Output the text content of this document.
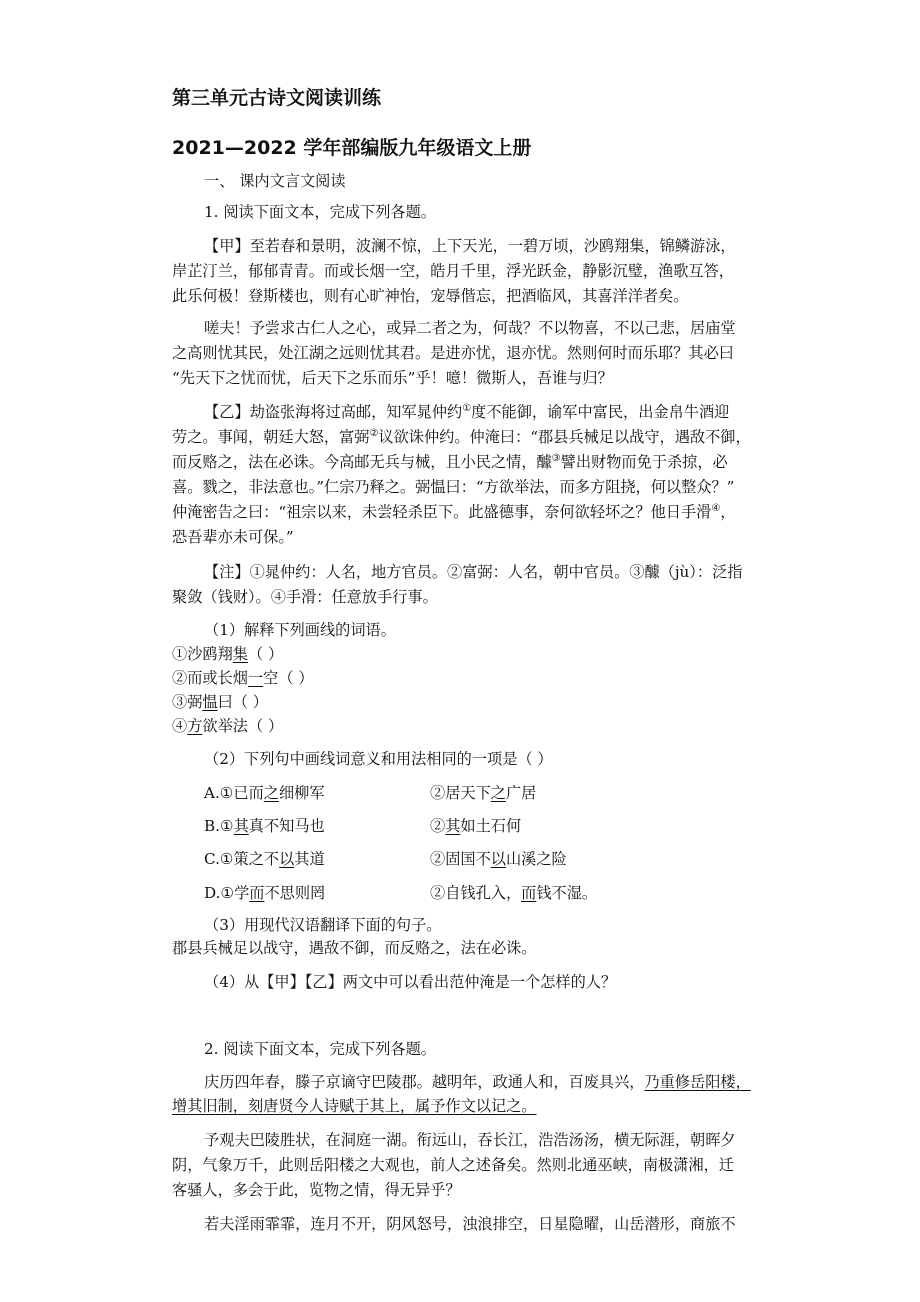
第三单元古诗文阅读训练
2021—2022 学年部编版九年级语文上册
一、 课内文言文阅读
1. 阅读下面文本，完成下列各题。
【甲】至若春和景明，波澜不惊，上下天光，一碧万顷，沙鸥翔集，锦鳞游泳，
岸芷汀兰，郁郁青青。而或长烟一空，皓月千里，浮光跃金，静影沉璧，渔歌互答，
此乐何极！登斯楼也，则有心旷神怡，宠辱偕忘，把酒临风，其喜洋洋者矣。
嗟夫！予尝求古仁人之心，或异二者之为，何哉？不以物喜，不以己悲，居庙堂
之高则忧其民，处江湖之远则忧其君。是进亦忧，退亦忧。然则何时而乐耶？其必曰
“先天下之忧而忧，后天下之乐而乐”乎！噫！微斯人，吾谁与归？
【乙】劫盗张海将过高邮，知军晁仲约①度不能御，谕军中富民，出金帛牛酒迎
劳之。事闻，朝廷大怒，富弼②议欲诛仲约。仲淹曰：“郡县兵械足以战守，遇敌不御，
而反赂之，法在必诛。今高邮无兵与械，且小民之情，醵③譬出财物而免于杀掠，必
喜。戮之，非法意也。”仁宗乃释之。弼愠曰：“方欲举法，而多方阻挠，何以整众？”
仲淹密告之曰：“祖宗以来，未尝轻杀臣下。此盛德事，奈何欲轻坏之？他日手滑④，
恐吾辈亦未可保。”
【注】①晁仲约：人名，地方官员。②富弼：人名，朝中官员。③醵（jù）：泛指
聚敛（钱财）。④手滑：任意放手行事。
（1）解释下列画线的词语。
①沙鸥翔集（ ）
②而或长烟一空（ ）
③弼愠曰（ ）
④方欲举法（ ）
（2）下列句中画线词意义和用法相同的一项是（ ）
A.①已而之细柳军	②居天下之广居
B.①其真不知马也	②其如土石何
C.①策之不以其道	②固国不以山溪之险
D.①学而不思则罔	②自钱孔入，而钱不湿。
（3）用现代汉语翻译下面的句子。
郡县兵械足以战守，遇敌不御，而反赂之，法在必诛。
（4）从【甲】【乙】两文中可以看出范仲淹是一个怎样的人？
2. 阅读下面文本，完成下列各题。
庆历四年春，滕子京谪守巴陵郡。越明年，政通人和，百废具兴，乃重修岳阳楼，
增其旧制，刻唐贤今人诗赋于其上，属予作文以记之。
予观夫巴陵胜状，在洞庭一湖。衔远山，吞长江，浩浩汤汤，横无际涯，朝晖夕
阴，气象万千，此则岳阳楼之大观也，前人之述备矣。然则北通巫峡，南极潇湘，迁
客骚人，多会于此，览物之情，得无异乎？
若夫淫雨霏霏，连月不开，阴风怒号，浊浪排空，日星隐曜，山岳潜形，商旅不
